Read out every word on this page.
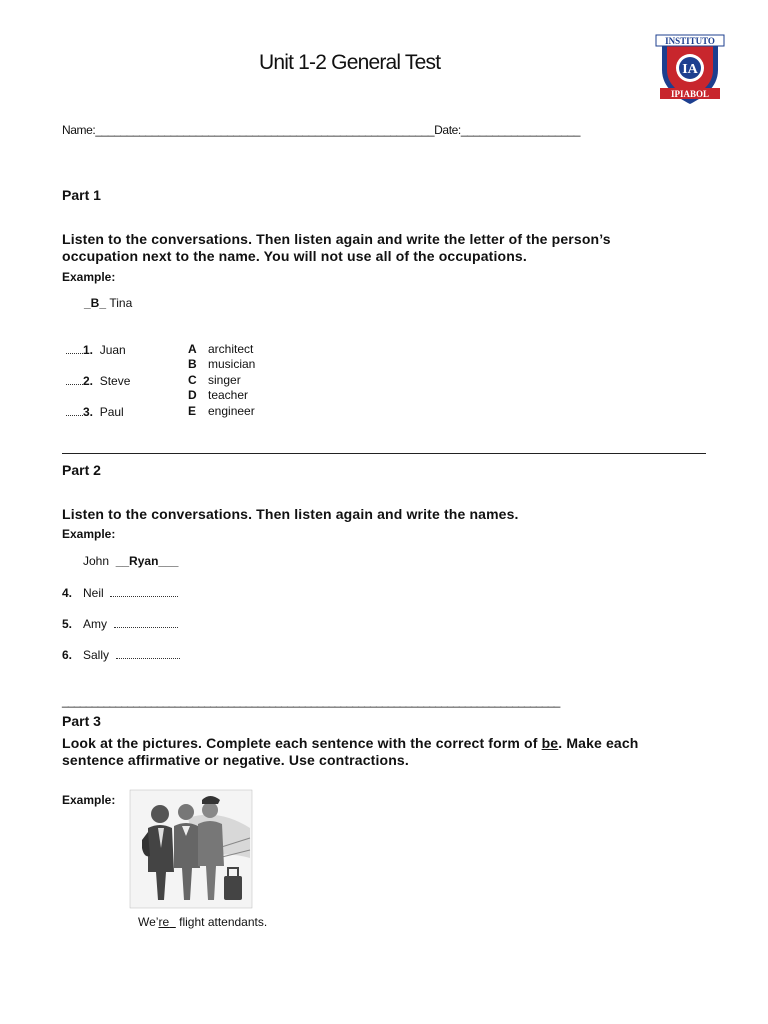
Unit 1-2 General Test	IA
INSTITUTO
IPIABOL
Name:______________________________________________________Date:___________________
Part 1
Listen to the conversations. Then listen again and write the letter of the person’s
occupation next to the name. You will not use all of the occupations.
Example:
_B_ Tina
1. Juan
2. Steve
3. Paul
A architect
B musician
C singer
D teacher
E engineer
Part 2
Listen to the conversations. Then listen again and write the names.
Example:
John __Ryan___
4. Neil
5. Amy
6. Sally
____________________________________________________________________________________
Part 3
Look at the pictures. Complete each sentence with the correct form of be. Make each
sentence affirmative or negative. Use contractions.
Example:
We’re   flight attendants.
